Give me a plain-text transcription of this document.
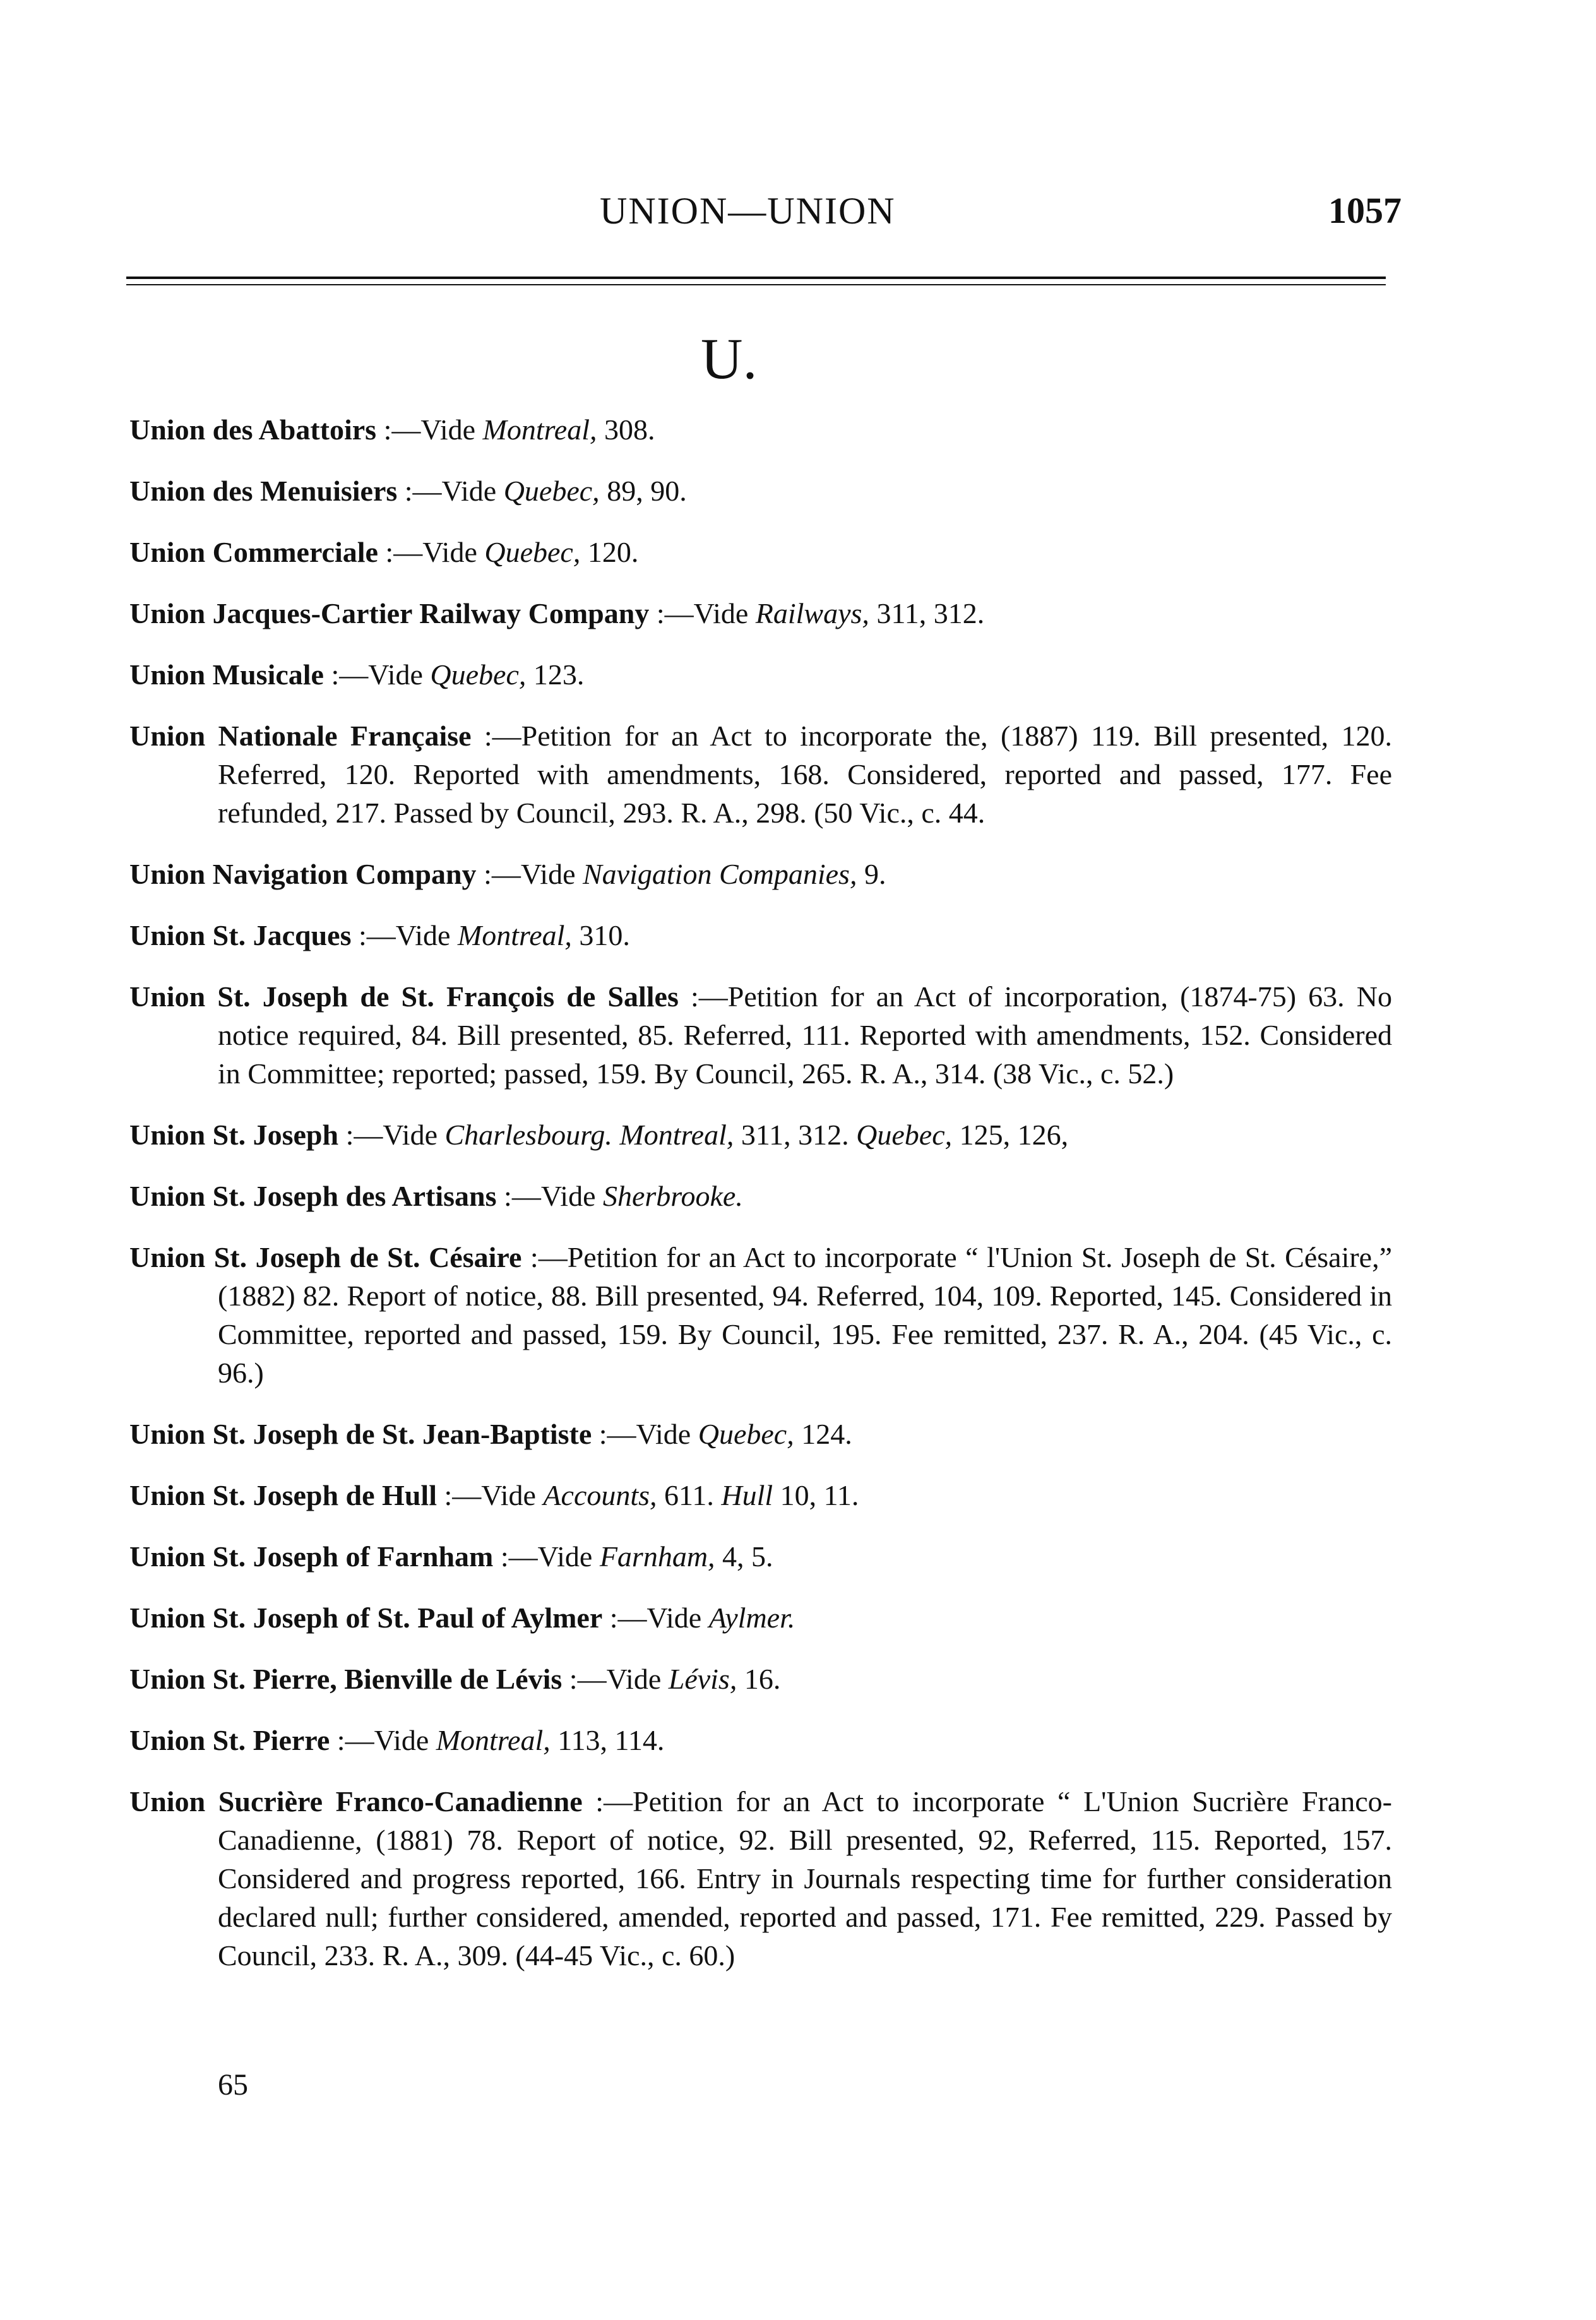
UNION—UNION	1057
U.

Union des Abattoirs :—Vide Montreal, 308.

Union des Menuisiers :—Vide Quebec, 89, 90.

Union Commerciale :—Vide Quebec, 120.

Union Jacques-Cartier Railway Company :—Vide Railways, 311, 312.

Union Musicale :—Vide Quebec, 123.

Union Nationale Française :—Petition for an Act to incorporate the, (1887) 119. Bill presented, 120. Referred, 120. Reported with amendments, 168. Considered, reported and passed, 177. Fee refunded, 217. Passed by Council, 293. R. A., 298. (50 Vic., c. 44.

Union Navigation Company :—Vide Navigation Companies, 9.

Union St. Jacques :—Vide Montreal, 310.

Union St. Joseph de St. François de Salles :—Petition for an Act of incorporation, (1874-75) 63. No notice required, 84. Bill presented, 85. Referred, 111. Reported with amendments, 152. Considered in Committee; reported; passed, 159. By Council, 265. R. A., 314. (38 Vic., c. 52.)

Union St. Joseph :—Vide Charlesbourg. Montreal, 311, 312. Quebec, 125, 126,

Union St. Joseph des Artisans :—Vide Sherbrooke.

Union St. Joseph de St. Césaire :—Petition for an Act to incorporate “ l'Union St. Joseph de St. Césaire,” (1882) 82. Report of notice, 88. Bill presented, 94. Referred, 104, 109. Reported, 145. Considered in Committee, reported and passed, 159. By Council, 195. Fee remitted, 237. R. A., 204. (45 Vic., c. 96.)

Union St. Joseph de St. Jean-Baptiste :—Vide Quebec, 124.

Union St. Joseph de Hull :—Vide Accounts, 611. Hull 10, 11.

Union St. Joseph of Farnham :—Vide Farnham, 4, 5.

Union St. Joseph of St. Paul of Aylmer :—Vide Aylmer.

Union St. Pierre, Bienville de Lévis :—Vide Lévis, 16.

Union St. Pierre :—Vide Montreal, 113, 114.

Union Sucrière Franco-Canadienne :—Petition for an Act to incorporate “ L'Union Sucrière Franco-Canadienne, (1881) 78. Report of notice, 92. Bill presented, 92, Referred, 115. Reported, 157. Considered and progress reported, 166. Entry in Journals respecting time for further consideration declared null; further considered, amended, reported and passed, 171. Fee remitted, 229. Passed by Council, 233. R. A., 309. (44-45 Vic., c. 60.)

65
